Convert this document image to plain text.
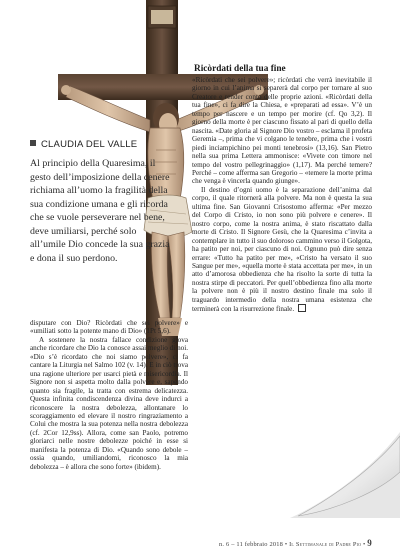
CLAUDIA DEL VALLE
Al principio della Quaresima, il gesto dell’imposizione della cenere richiama all’uomo la fragilità della sua condizione umana e gli ricorda che se vuole perseverare nel bene, deve umiliarsi, perché solo all’umile Dio concede la sua grazia e dona il suo perdono.
Ricòrdati della tua fine

«Ricòrdati che sei polvere»; ricòrdati che verrà inevitabile il giorno in cui l’anima si separerà dal corpo per tornare al suo Creatore e render conto delle proprie azioni. «Ricòrdati della tua fine», ci fa dire la Chiesa, e «preparati ad essa». V’è un tempo per nascere e un tempo per morire (cf. Qo 3,2). Il giorno della morte è per ciascuno fissato al pari di quello della nascita. «Date gloria al Signore Dio vostro – esclama il profeta Geremia –, prima che vi colgano le tenebre, prima che i vostri piedi inciampichino pei monti tenebrosi» (13,16). San Pietro nella sua prima Lettera ammonisce: «Vivete con timore nel tempo del vostro pellegrinaggio» (1,17). Ma perché temere? Perché – come afferma san Gregorio – «temere la morte prima che venga è vincerla quando giunge».

Il destino d’ogni uomo è la separazione dell’anima dal corpo, il quale ritornerà alla polvere. Ma non è questa la sua ultima fine. San Giovanni Crisostomo afferma: «Per mezzo del Corpo di Cristo, io non sono più polvere e cenere». Il nostro corpo, come la nostra anima, è stato riscattato dalla morte di Cristo. Il Signore Gesù, che la Quaresima c’invita a contemplare in tutto il suo doloroso cammino verso il Golgota, ha patito per noi, per ciascuno di noi. Ognuno può dire senza errare: «Tutto ha patito per me», «Cristo ha versato il suo Sangue per me», «quella morte è stata accettata per me», in un atto d’amorosa obbedienza che ha risolto la sorte di tutta la nostra stirpe di peccatori. Per quell’obbedienza fino alla morte la polvere non è più il nostro destino finale ma solo il traguardo intermedio della nostra umana esistenza che terminerà con la risurrezione finale.

disputare con Dio? Ricòrdati che sei polvere» e «umiliati sotto la potente mano di Dio» (1Pt 5,6).

A sostenere la nostra fallace condizione giova anche ricordare che Dio la conosce assai meglio di noi. «Dio s’è ricordato che noi siamo polvere», ci fa cantare la Liturgia nel Salmo 102 (v. 14). E in ciò trova una ragione ulteriore per usarci pietà e misericordia. Il Signore non si aspetta molto dalla polvere e, sapendo quanto sia fragile, la tratta con estrema delicatezza. Questa infinita condiscendenza divina deve indurci a riconoscere la nostra debolezza, allontanare lo scoraggiamento ed elevare il nostro ringraziamento a Colui che mostra la sua potenza nella nostra debolezza (cf. 2Cor 12,9ss). Allora, come san Paolo, potremo gloriarci nelle nostre debolezze poiché in esse si manifesta la potenza di Dio. «Quando sono debole – ossia quando, umiliandomi, riconosco la mia debolezza – è allora che sono forte» (ibidem).

n. 6 – 11 febbraio 2018 • Il Settimanale di Padre Pio • 9
